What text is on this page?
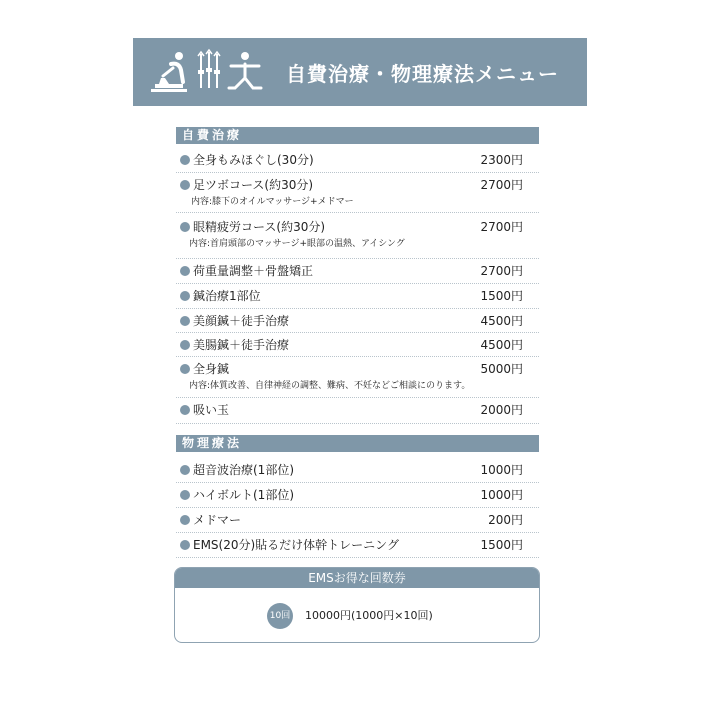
自費治療・物理療法メニュー
自費治療
全身もみほぐし(30分)	2300円
足ツボコース(約30分)	2700円
内容:膝下のオイルマッサージ+メドマー
眼精疲労コース(約30分)	2700円
内容:首肩頭部のマッサージ+眼部の温熱、アイシング
荷重量調整＋骨盤矯正	2700円
鍼治療1部位	1500円
美顔鍼＋徒手治療	4500円
美腸鍼＋徒手治療	4500円
全身鍼	5000円
内容:体質改善、自律神経の調整、難病、不妊などご相談にのります。
吸い玉	2000円
物理療法
超音波治療(1部位)	1000円
ハイボルト(1部位)	1000円
メドマー	200円
EMS(20分)貼るだけ体幹トレーニング	1500円
EMSお得な回数券
10回 10000円(1000円×10回)
